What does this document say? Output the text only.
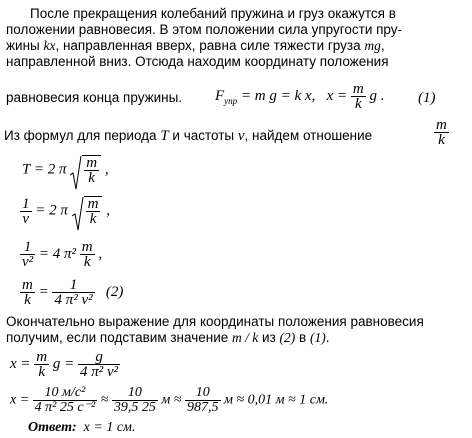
После прекращения колебаний пружина и груз окажутся в
положении равновесия. В этом положении сила упругости пру-
жины kx, направленная вверх, равна силе тяжести груза mg,
направленной вниз. Отсюда находим координату положения
равновесия конца пружины. $F_{упр} = m$ g = k x, $x = \frac{m}{k}$ g . (1)
Из формул для периода T и частоты ν, найдем отношение	$\frac{m}{k}$
T = 2 π $\frac{m}{k}$ ,
$\frac{1}{\nu} = 2$ π $\frac{m}{k}$ ,
$\frac{1}{\text{ν²}} = 4$ $\pi^2 \frac{m}{k}$ ,
$\frac{m}{k} = \frac{1}{\text{4 π² ν²}} (2)$
Окончательно выражение для координаты положения равновесия
получим, если подставим значение m / k из (2) в (1).
$x = \frac{m}{k}$ $g = \frac{g}{\text{4 π² ν²}}$
$x = \frac{\text{10 м/с²}}{\text{4 π² 25 с⁻²}} \approx \frac{10}{39,5 25}$ $м \approx \frac{10}{987,5}$ м ≈ 0,01 м ≈ 1 см.
Ответ: x = 1 см.
